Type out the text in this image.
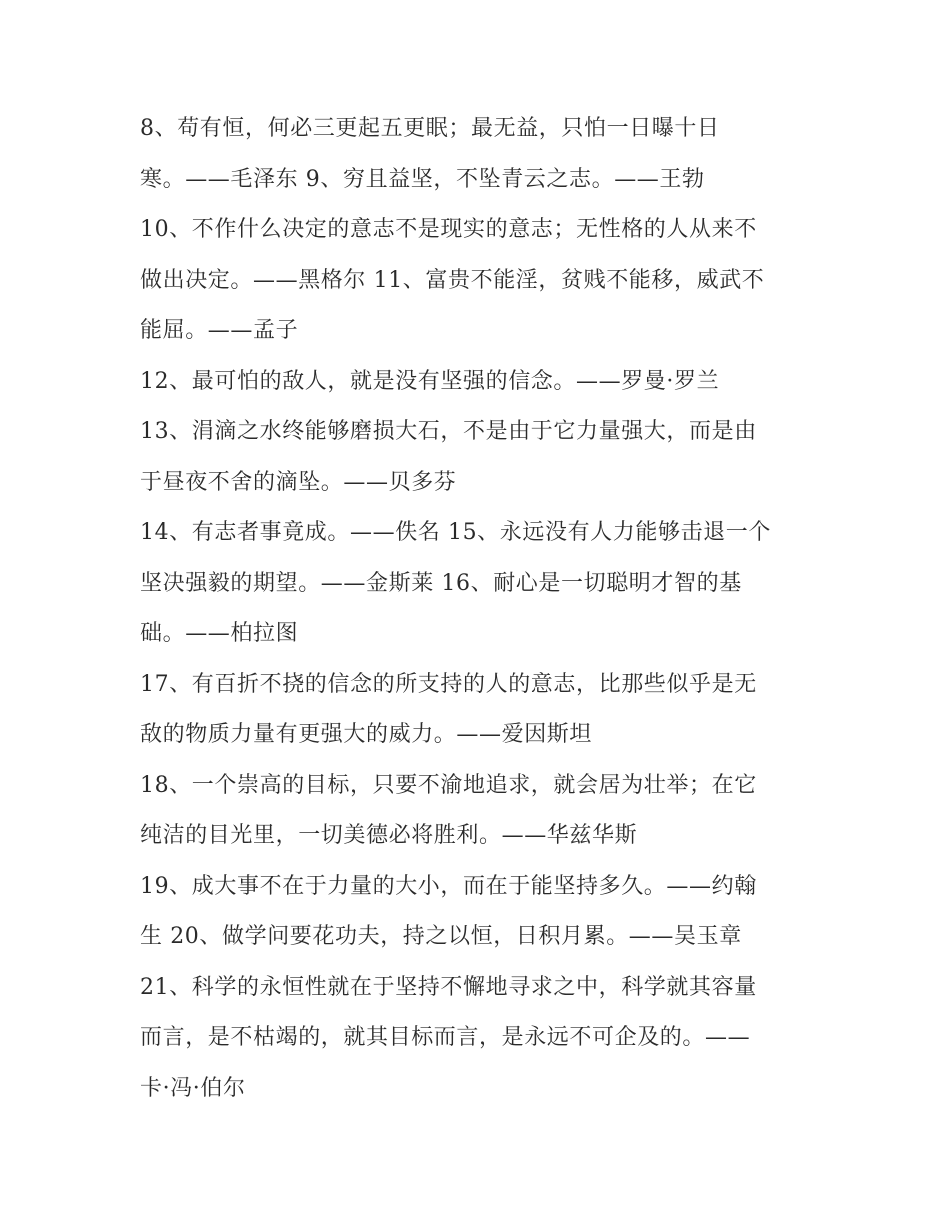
8、苟有恒，何必三更起五更眠；最无益，只怕一日曝十日
寒。——毛泽东 9、穷且益坚，不坠青云之志。——王勃
10、不作什么决定的意志不是现实的意志；无性格的人从来不
做出决定。——黑格尔 11、富贵不能淫，贫贱不能移，威武不
能屈。——孟子
12、最可怕的敌人，就是没有坚强的信念。——罗曼·罗兰
13、涓滴之水终能够磨损大石，不是由于它力量强大，而是由
于昼夜不舍的滴坠。——贝多芬
14、有志者事竟成。——佚名 15、永远没有人力能够击退一个
坚决强毅的期望。——金斯莱 16、耐心是一切聪明才智的基
础。——柏拉图
17、有百折不挠的信念的所支持的人的意志，比那些似乎是无
敌的物质力量有更强大的威力。——爱因斯坦
18、一个崇高的目标，只要不渝地追求，就会居为壮举；在它
纯洁的目光里，一切美德必将胜利。——华兹华斯
19、成大事不在于力量的大小，而在于能坚持多久。——约翰
生 20、做学问要花功夫，持之以恒，日积月累。——吴玉章
21、科学的永恒性就在于坚持不懈地寻求之中，科学就其容量
而言，是不枯竭的，就其目标而言，是永远不可企及的。——
卡·冯·伯尔
